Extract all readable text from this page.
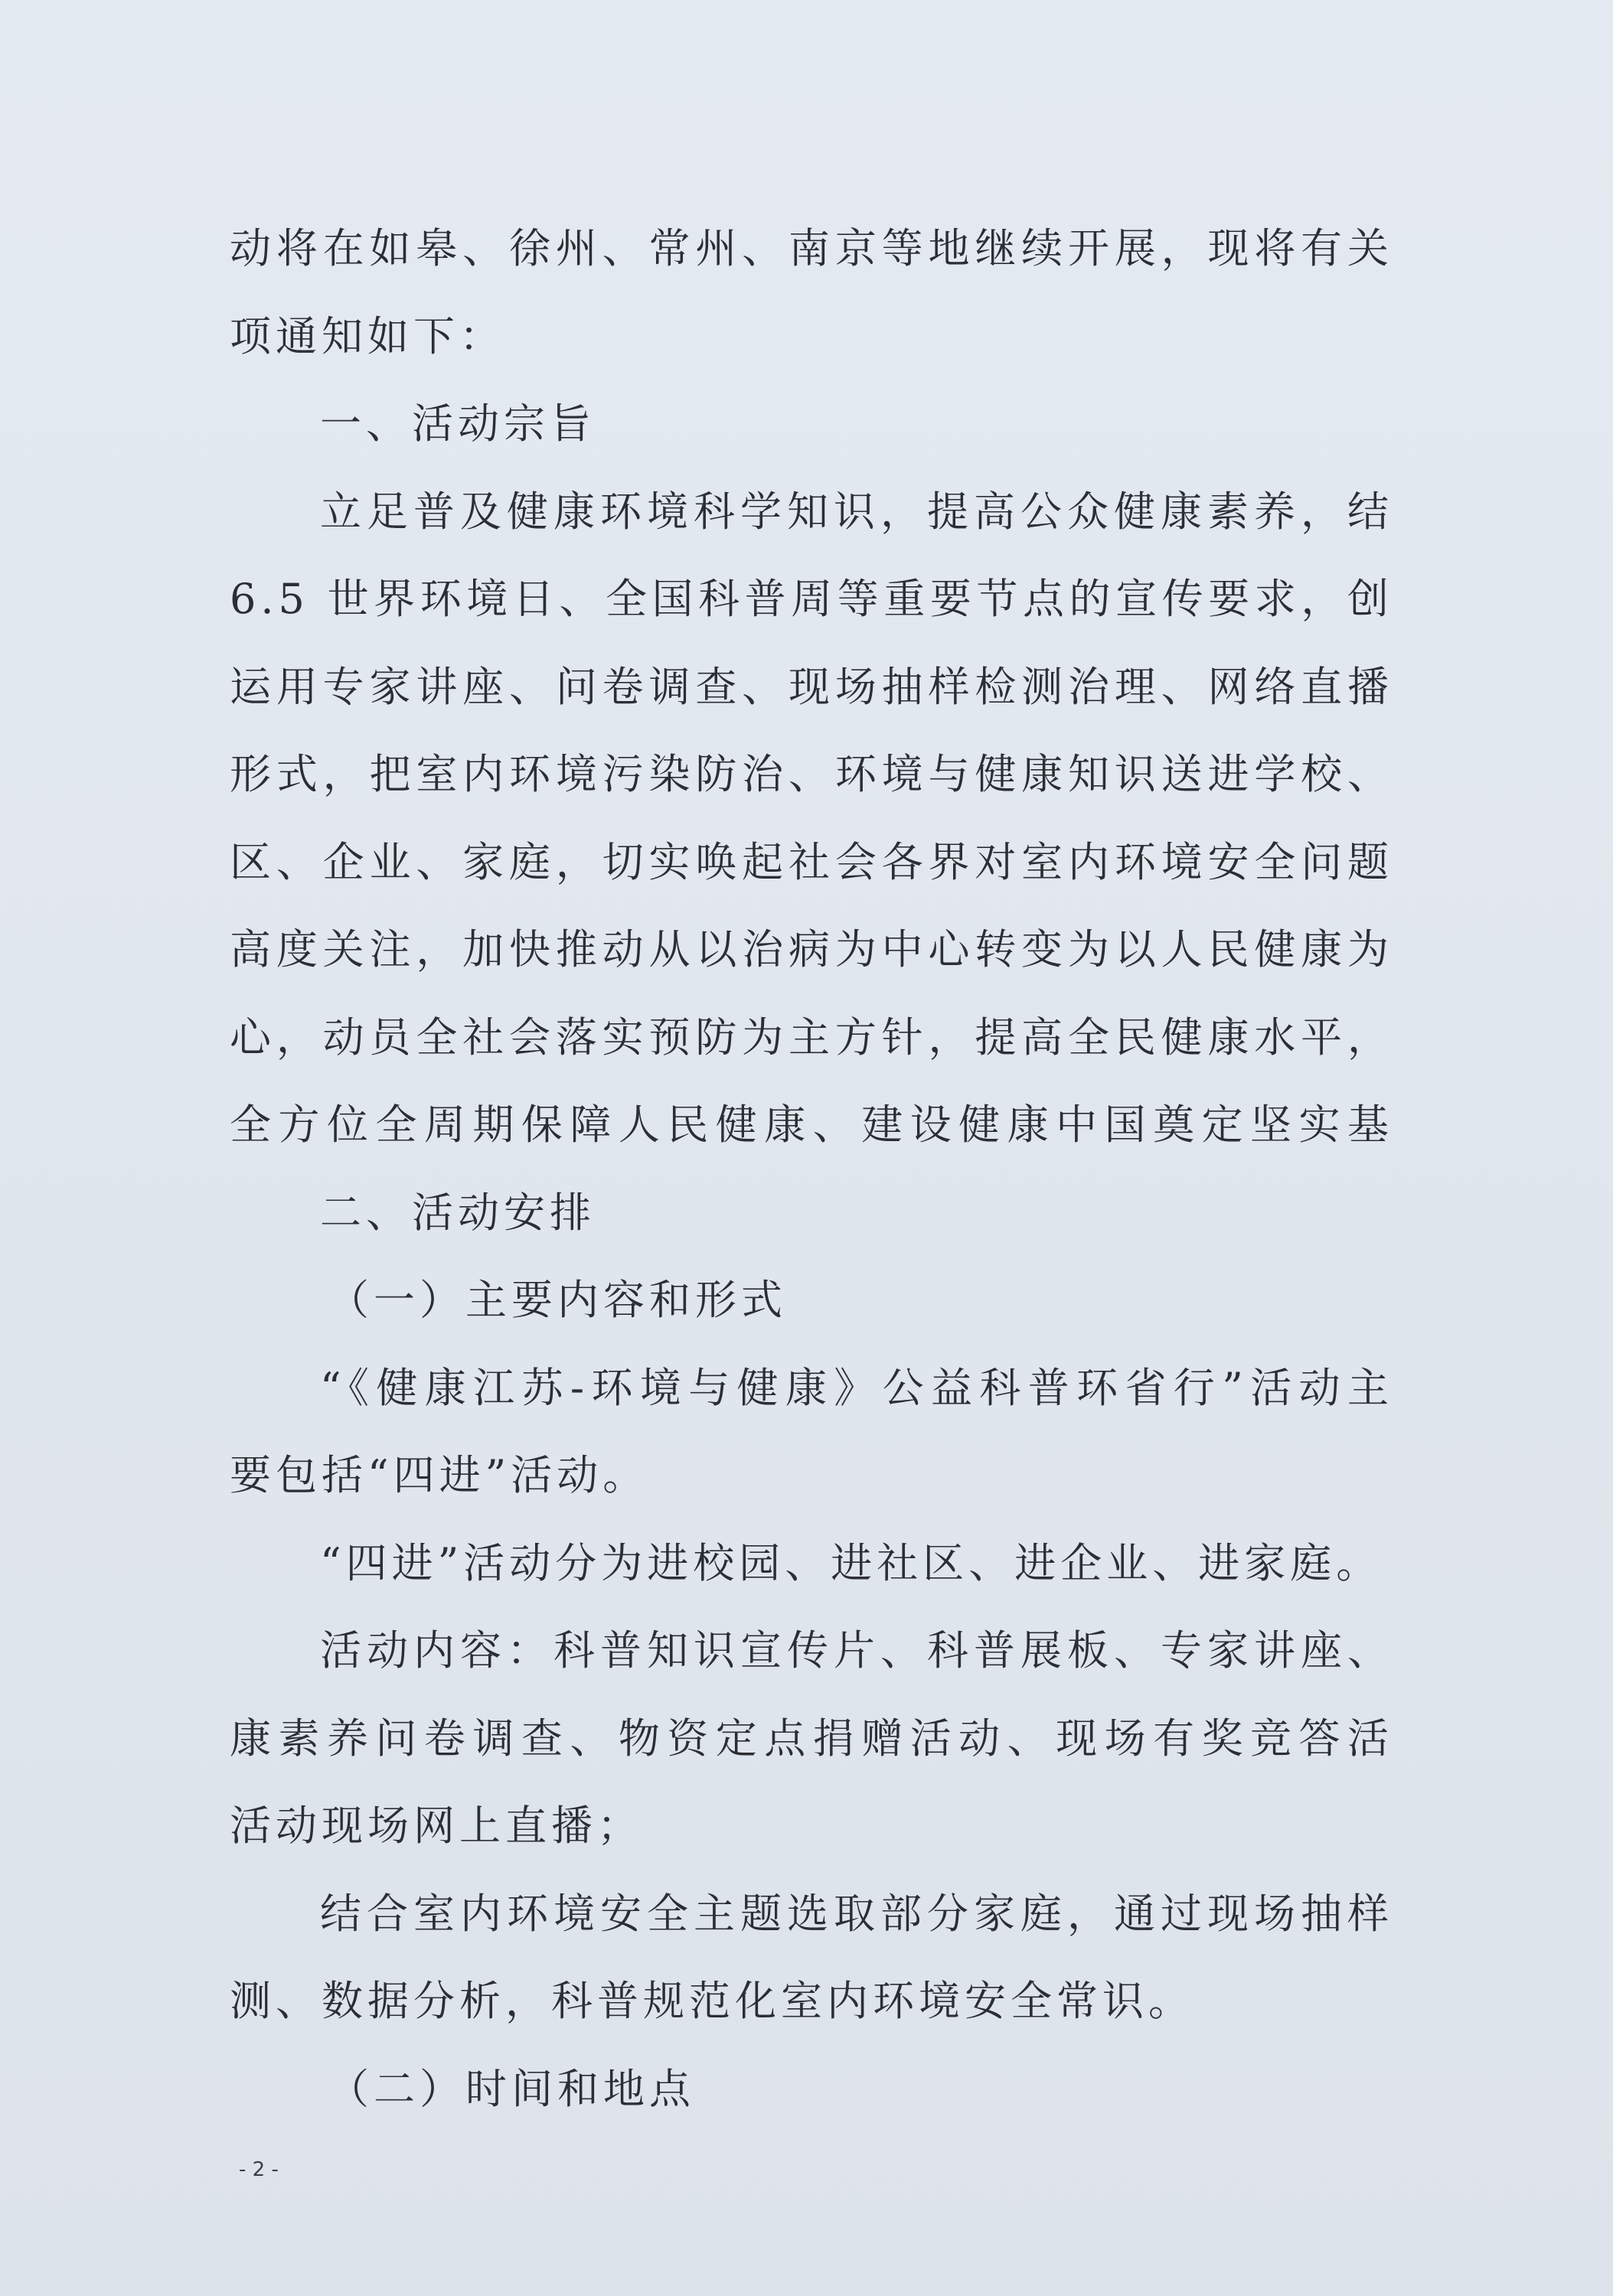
动将在如皋、徐州、常州、南京等地继续开展，现将有关
项通知如下：
一、活动宗旨
立足普及健康环境科学知识，提高公众健康素养，结
6.5 世界环境日、全国科普周等重要节点的宣传要求，创
运用专家讲座、问卷调查、现场抽样检测治理、网络直播
形式，把室内环境污染防治、环境与健康知识送进学校、
区、企业、家庭，切实唤起社会各界对室内环境安全问题
高度关注，加快推动从以治病为中心转变为以人民健康为
心，动员全社会落实预防为主方针，提高全民健康水平，
全方位全周期保障人民健康、建设健康中国奠定坚实基
二、活动安排
（一）主要内容和形式
“《健康江苏-环境与健康》公益科普环省行”活动主
要包括“四进”活动。
“四进”活动分为进校园、进社区、进企业、进家庭。
活动内容：科普知识宣传片、科普展板、专家讲座、
康素养问卷调查、物资定点捐赠活动、现场有奖竞答活
活动现场网上直播；
结合室内环境安全主题选取部分家庭，通过现场抽样
测、数据分析，科普规范化室内环境安全常识。
（二）时间和地点
- 2 -
